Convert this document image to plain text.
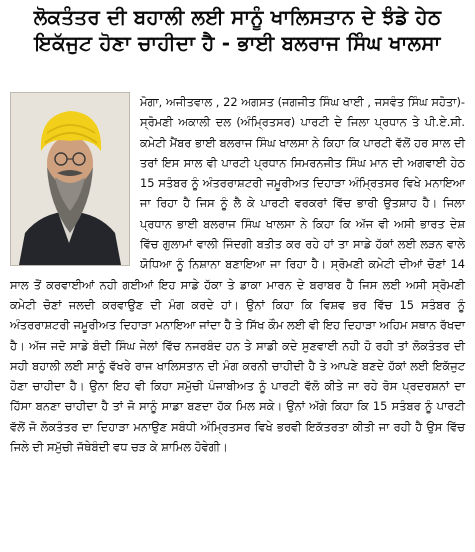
ਲੋਕਤੰਤਰ ਦੀ ਬਹਾਲੀ ਲਈ ਸਾਨੂੰ ਖਾਲਿਸਤਾਨ ਦੇ ਝੰਡੇ ਹੇਠ
ਇਕੱਜੁਟ ਹੋਣਾ ਚਾਹੀਦਾ ਹੈ - ਭਾਈ ਬਲਰਾਜ ਸਿੰਘ ਖਾਲਸਾ

ਮੋਗਾ, ਅਜੀਤਵਾਲ , 22 ਅਗਸਤ (ਜਗਜੀਤ ਸਿੰਘ ਖਾਈ , ਜਸਵੰਤ ਸਿੰਘ ਸਹੋਤਾ)- ਸ੍ਰੋਮਣੀ ਅਕਾਲੀ ਦਲ (ਅੰਮ੍ਰਿਤਸਰ) ਪਾਰਟੀ ਦੇ ਜਿਲਾ ਪ੍ਰਧਾਨ ਤੇ ਪੀ.ਏ.ਸੀ. ਕਮੇਟੀ ਮੈਂਬਰ ਭਾਈ ਬਲਰਾਜ ਸਿੰਘ ਖਾਲਸਾ ਨੇ ਕਿਹਾ ਕਿ ਪਾਰਟੀ ਵੱਲੋਂ ਹਰ ਸਾਲ ਦੀ ਤਰਾਂ ਇਸ ਸਾਲ ਵੀ ਪਾਰਟੀ ਪ੍ਰਧਾਨ ਸਿਮਰਨਜੀਤ ਸਿੰਘ ਮਾਨ ਦੀ ਅਗਵਾਈ ਹੇਠ 15 ਸਤੰਬਰ ਨੂੰ ਅੰਤਰਰਾਸ਼ਟਰੀ ਜਮੂਰੀਅਤ ਦਿਹਾੜਾ ਅੰਮ੍ਰਿਤਸਰ ਵਿਖੇ ਮਨਾਇਆ ਜਾ ਰਿਹਾ ਹੈ ਜਿਸ ਨੂੰ ਲੈ ਕੇ ਪਾਰਟੀ ਵਰਕਰਾਂ ਵਿੱਚ ਭਾਰੀ ਉਤਸ਼ਾਹ ਹੈ। ਜਿਲਾ ਪ੍ਰਧਾਨ ਭਾਈ ਬਲਰਾਜ ਸਿੰਘ ਖਾਲਸਾ ਨੇ ਕਿਹਾ ਕਿ ਅੱਜ ਵੀ ਅਸੀ ਭਾਰਤ ਦੇਸ਼ ਵਿੱਚ ਗੁਲਾਮਾਂ ਵਾਲੀ ਜਿੰਦਗੀ ਬਤੀਤ ਕਰ ਰਹੇ ਹਾਂ ਤਾ ਸਾਡੇ ਹੱਕਾਂ ਲਈ ਲੜਨ ਵਾਲੇ ਯੋਧਿਆ ਨੂੰ ਨਿਸ਼ਾਨਾ ਬਣਾਇਆ ਜਾ ਰਿਹਾ ਹੈ। ਸ੍ਰੋਮਣੀ ਕਮੇਟੀ ਦੀਆਂ ਚੋਣਾਂ 14 ਸਾਲ ਤੋਂ ਕਰਵਾਈਆਂ ਨਹੀ ਗਈਆਂ ਇਹ ਸਾਡੇ ਹੱਕਾ ਤੇ ਡਾਕਾ ਮਾਰਨ ਦੇ ਬਰਾਬਰ ਹੈ ਜਿਸ ਲਈ ਅਸੀ ਸ੍ਰੋਮਣੀ ਕਮੇਟੀ ਚੋਣਾਂ ਜਲਦੀ ਕਰਵਾਉਣ ਦੀ ਮੰਗ ਕਰਦੇ ਹਾਂ। ਉਨਾਂ ਕਿਹਾ ਕਿ ਵਿਸ਼ਵ ਭਰ ਵਿੱਚ 15 ਸਤੰਬਰ ਨੂੰ ਅੰਤਰਰਾਸ਼ਟਰੀ ਜਮੂਰੀਅਤ ਦਿਹਾੜਾ ਮਨਾਇਆ ਜਾਂਦਾ ਹੈ ਤੇ ਸਿੱਖ ਕੌਮ ਲਈ ਵੀ ਇਹ ਦਿਹਾੜਾ ਅਹਿਮ ਸਥਾਨ ਰੱਖਦਾ ਹੈ। ਅੱਜ ਜਦੋ ਸਾਡੇ ਬੰਦੀ ਸਿੰਘ ਜੇਲਾਂ ਵਿੱਚ ਨਜਰਬੰਦ ਹਨ ਤੇ ਸਾਡੀ ਕਦੇ ਸੁਣਵਾਈ ਨਹੀ ਹੋ ਰਹੀ ਤਾਂ ਲੋਕਤੰਤਰ ਦੀ ਸਹੀ ਬਹਾਲੀ ਲਈ ਸਾਨੂੰ ਵੱਖਰੇ ਰਾਜ ਖਾਲਿਸਤਾਨ ਦੀ ਮੰਗ ਕਰਨੀ ਚਾਹੀਦੀ ਹੈ ਤੇ ਆਪਣੇ ਬਣਦੇ ਹੱਕਾਂ ਲਈ ਇਕੱਜੁਟ ਹੋਣਾ ਚਾਹੀਦਾ ਹੈ। ਉਨਾ ਇਹ ਵੀ ਕਿਹਾ ਸਮੁੱਚੀ ਪੰਜਾਬੀਅਤ ਨੂੰ ਪਾਰਟੀ ਵੱਲੋ ਕੀਤੇ ਜਾ ਰਹੇ ਰੋਸ ਪ੍ਰਦਰਸ਼ਨਾਂ ਦਾ ਹਿੱਸਾ ਬਨਣਾ ਚਾਹੀਦਾ ਹੈ ਤਾਂ ਜੋ ਸਾਨੂੰ ਸਾਡਾ ਬਣਦਾ ਹੱਕ ਮਿਲ ਸਕੇ। ਉਨਾਂ ਅੱਗੇ ਕਿਹਾ ਕਿ 15 ਸਤੰਬਰ ਨੂੰ ਪਾਰਟੀ ਵੱਲੋਂ ਜੋ ਲੋਕਤੰਤਰ ਦਾ ਦਿਹਾੜਾ ਮਨਾਉਣ ਸਬੰਧੀ ਅੰਮ੍ਰਿਤਸਰ ਵਿਖੇ ਭਰਵੀ ਇਕੱਤਰਤਾ ਕੀਤੀ ਜਾ ਰਹੀ ਹੈ ਉਸ ਵਿੱਚ ਜਿਲੇ ਦੀ ਸਮੁੱਚੀ ਜੱਥੇਬੰਦੀ ਵਧ ਚੜ ਕੇ ਸ਼ਾਮਿਲ ਹੋਵੇਗੀ।
